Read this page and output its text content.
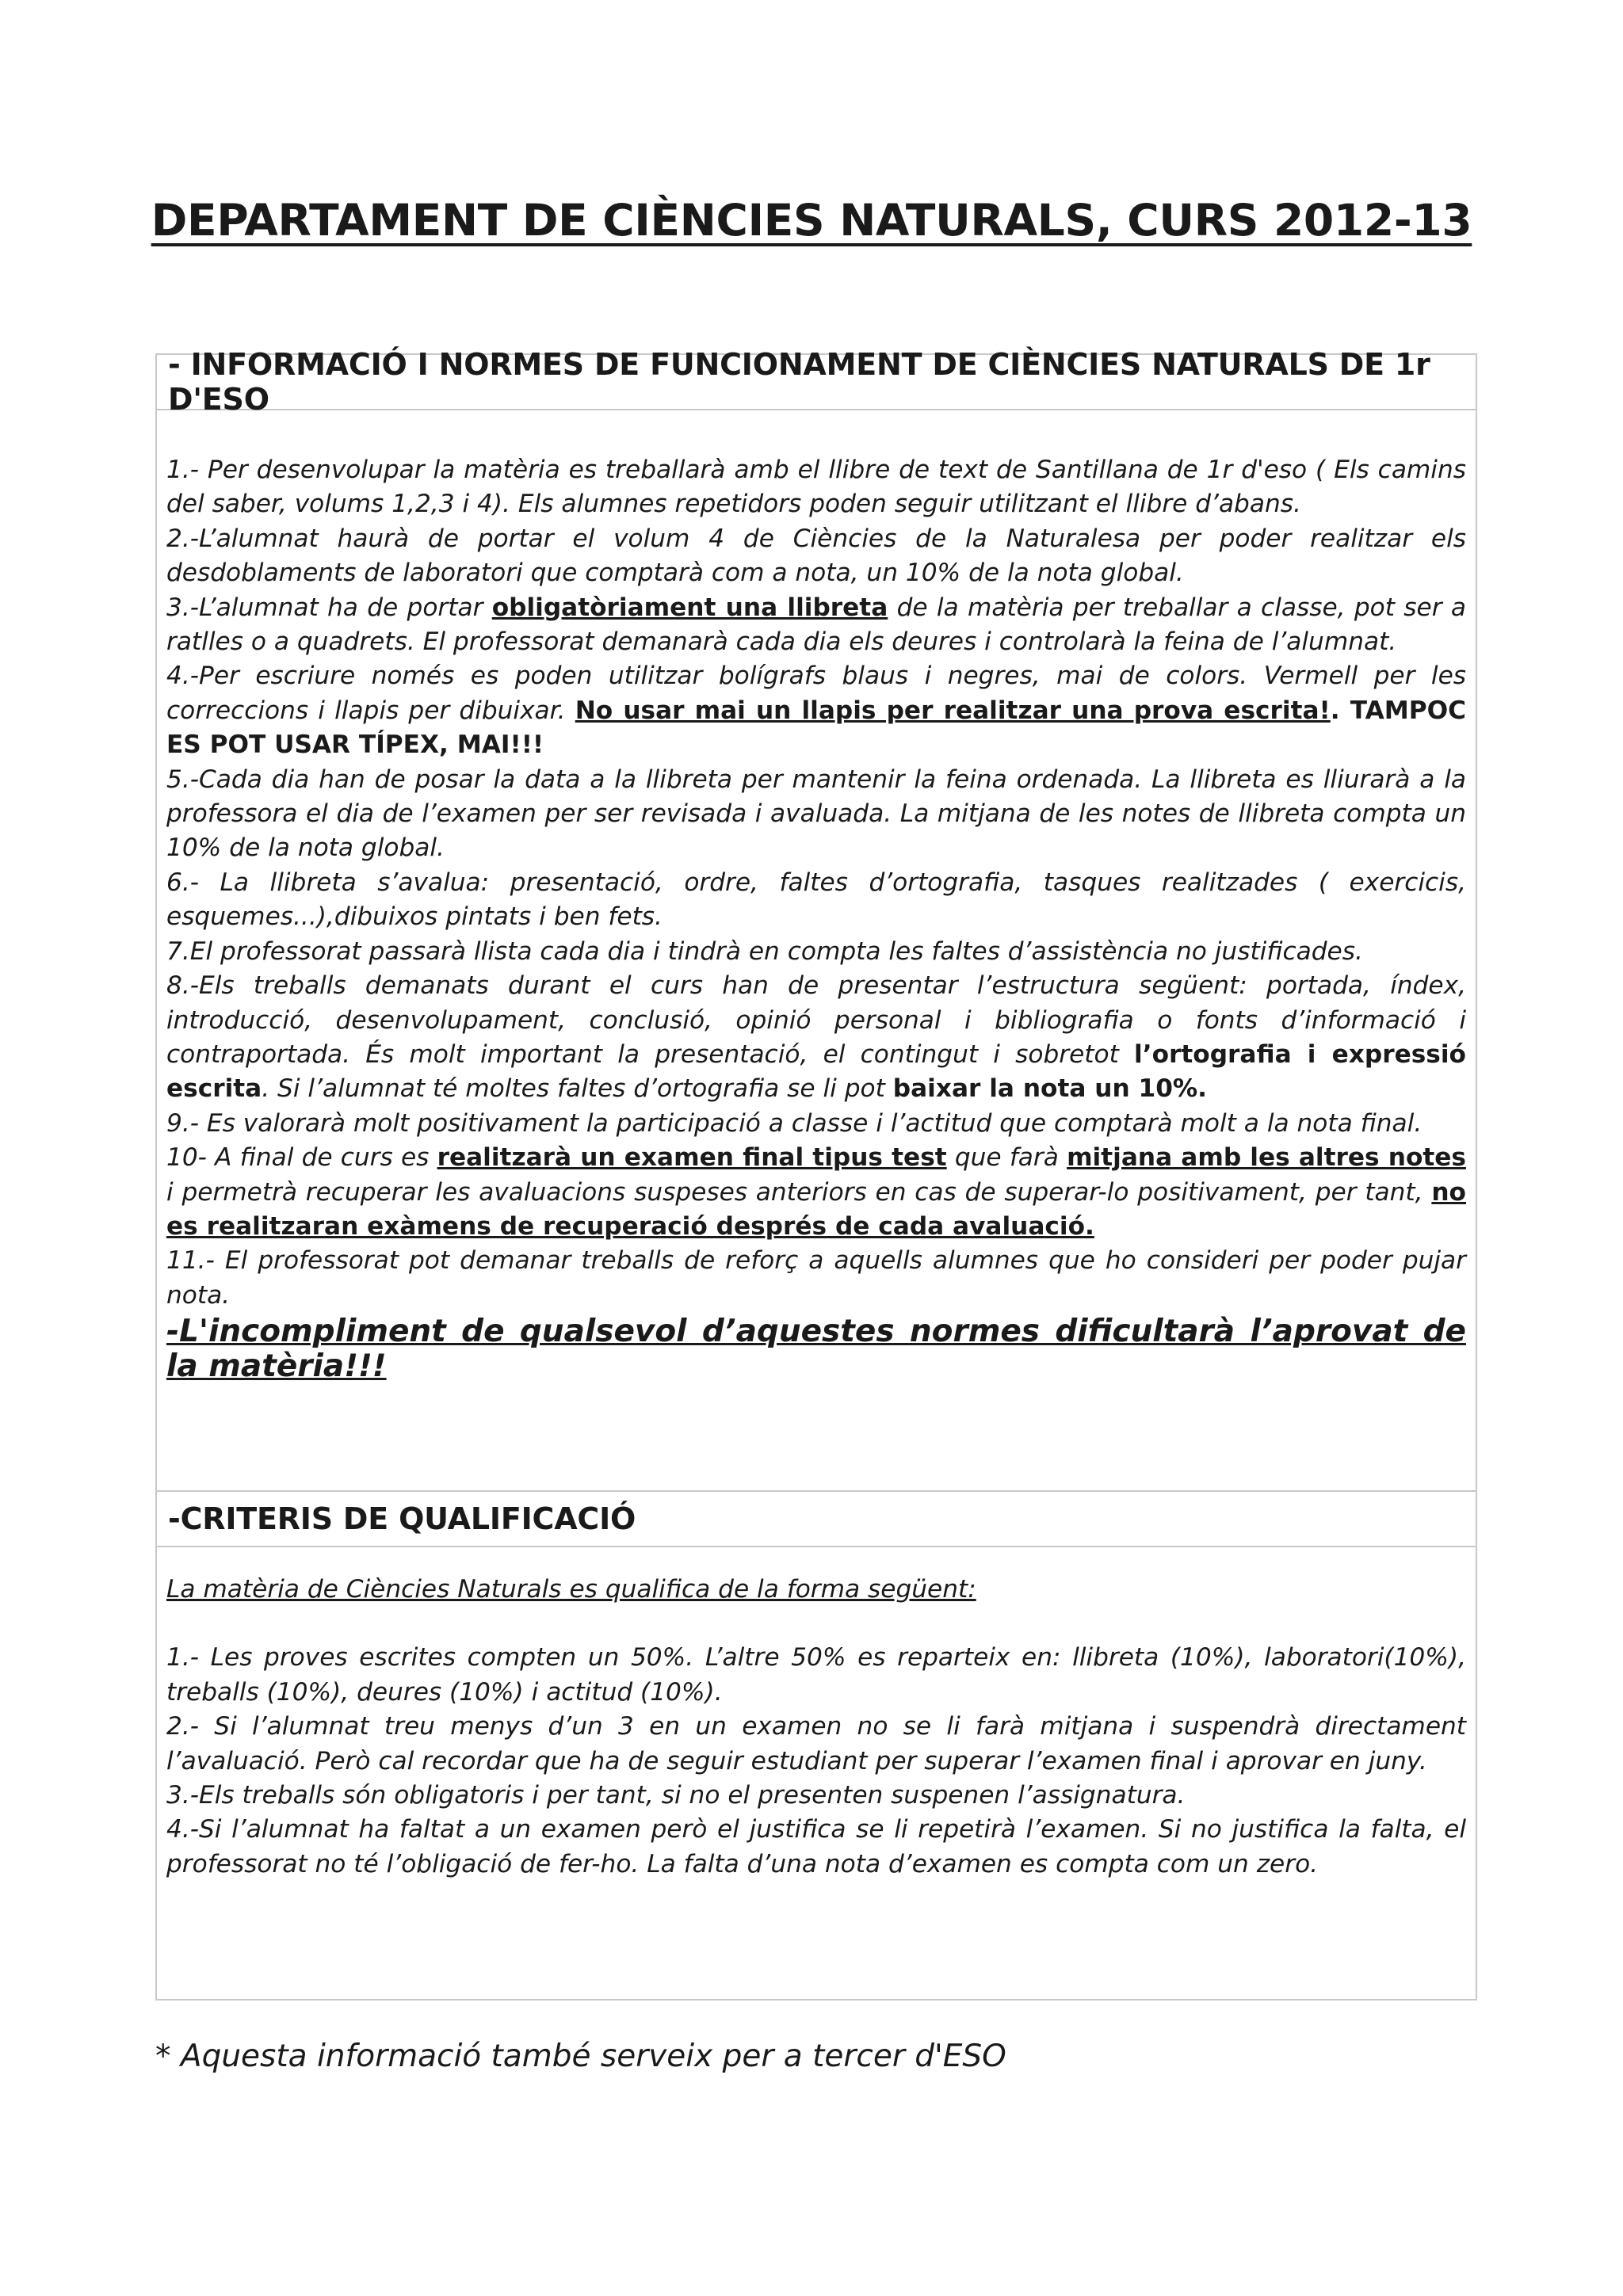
DEPARTAMENT DE CIÈNCIES NATURALS, CURS 2012-13
- INFORMACIÓ I NORMES DE FUNCIONAMENT DE CIÈNCIES NATURALS DE 1r D'ESO

1.- Per desenvolupar la matèria es treballarà amb el llibre de text de Santillana de 1r d'eso ( Els camins del saber, volums 1,2,3 i 4). Els alumnes repetidors poden seguir utilitzant el llibre d’abans.

2.-L’alumnat haurà de portar el volum 4 de Ciències de la Naturalesa per poder realitzar els desdoblaments de laboratori que comptarà com a nota, un 10% de la nota global.

3.-L’alumnat ha de portar obligatòriament una llibreta de la matèria per treballar a classe, pot ser a ratlles o a quadrets. El professorat demanarà cada dia els deures i controlarà la feina de l’alumnat.

4.-Per escriure només es poden utilitzar bolígrafs blaus i negres, mai de colors. Vermell per les correccions i llapis per dibuixar. No usar mai un llapis per realitzar una prova escrita!. TAMPOC ES POT USAR TÍPEX, MAI!!!

5.-Cada dia han de posar la data a la llibreta per mantenir la feina ordenada. La llibreta es lliurarà a la professora el dia de l’examen per ser revisada i avaluada. La mitjana de les notes de llibreta compta un 10% de la nota global.

6.- La llibreta s’avalua: presentació, ordre, faltes d’ortografia, tasques realitzades ( exercicis, esquemes...),dibuixos pintats i ben fets.

7.El professorat passarà llista cada dia i tindrà en compta les faltes d’assistència no justificades.

8.-Els treballs demanats durant el curs han de presentar l’estructura següent: portada, índex, introducció, desenvolupament, conclusió, opinió personal i bibliografia o fonts d’informació i contraportada. És molt important la presentació, el contingut i sobretot l’ortografia i expressió escrita. Si l’alumnat té moltes faltes d’ortografia se li pot baixar la nota un 10%.

9.- Es valorarà molt positivament la participació a classe i l’actitud que comptarà molt a la nota final.

10- A final de curs es realitzarà un examen final tipus test que farà mitjana amb les altres notes i permetrà recuperar les avaluacions suspeses anteriors en cas de superar-lo positivament, per tant, no es realitzaran exàmens de recuperació després de cada avaluació.

11.- El professorat pot demanar treballs de reforç a aquells alumnes que ho consideri per poder pujar nota.

-L'incompliment de qualsevol d’aquestes normes dificultarà l’aprovat de la matèria!!!

-CRITERIS DE QUALIFICACIÓ

La matèria de Ciències Naturals es qualifica de la forma següent:

1.- Les proves escrites compten un 50%. L’altre 50% es reparteix en: llibreta (10%), laboratori(10%), treballs (10%), deures (10%) i actitud (10%).

2.- Si l’alumnat treu menys d’un 3 en un examen no se li farà mitjana i suspendrà directament l’avaluació. Però cal recordar que ha de seguir estudiant per superar l’examen final i aprovar en juny.

3.-Els treballs són obligatoris i per tant, si no el presenten suspenen l’assignatura.

4.-Si l’alumnat ha faltat a un examen però el justifica se li repetirà l’examen. Si no justifica la falta, el professorat no té l’obligació de fer-ho. La falta d’una nota d’examen es compta com un zero.

* Aquesta informació també serveix per a tercer d'ESO
